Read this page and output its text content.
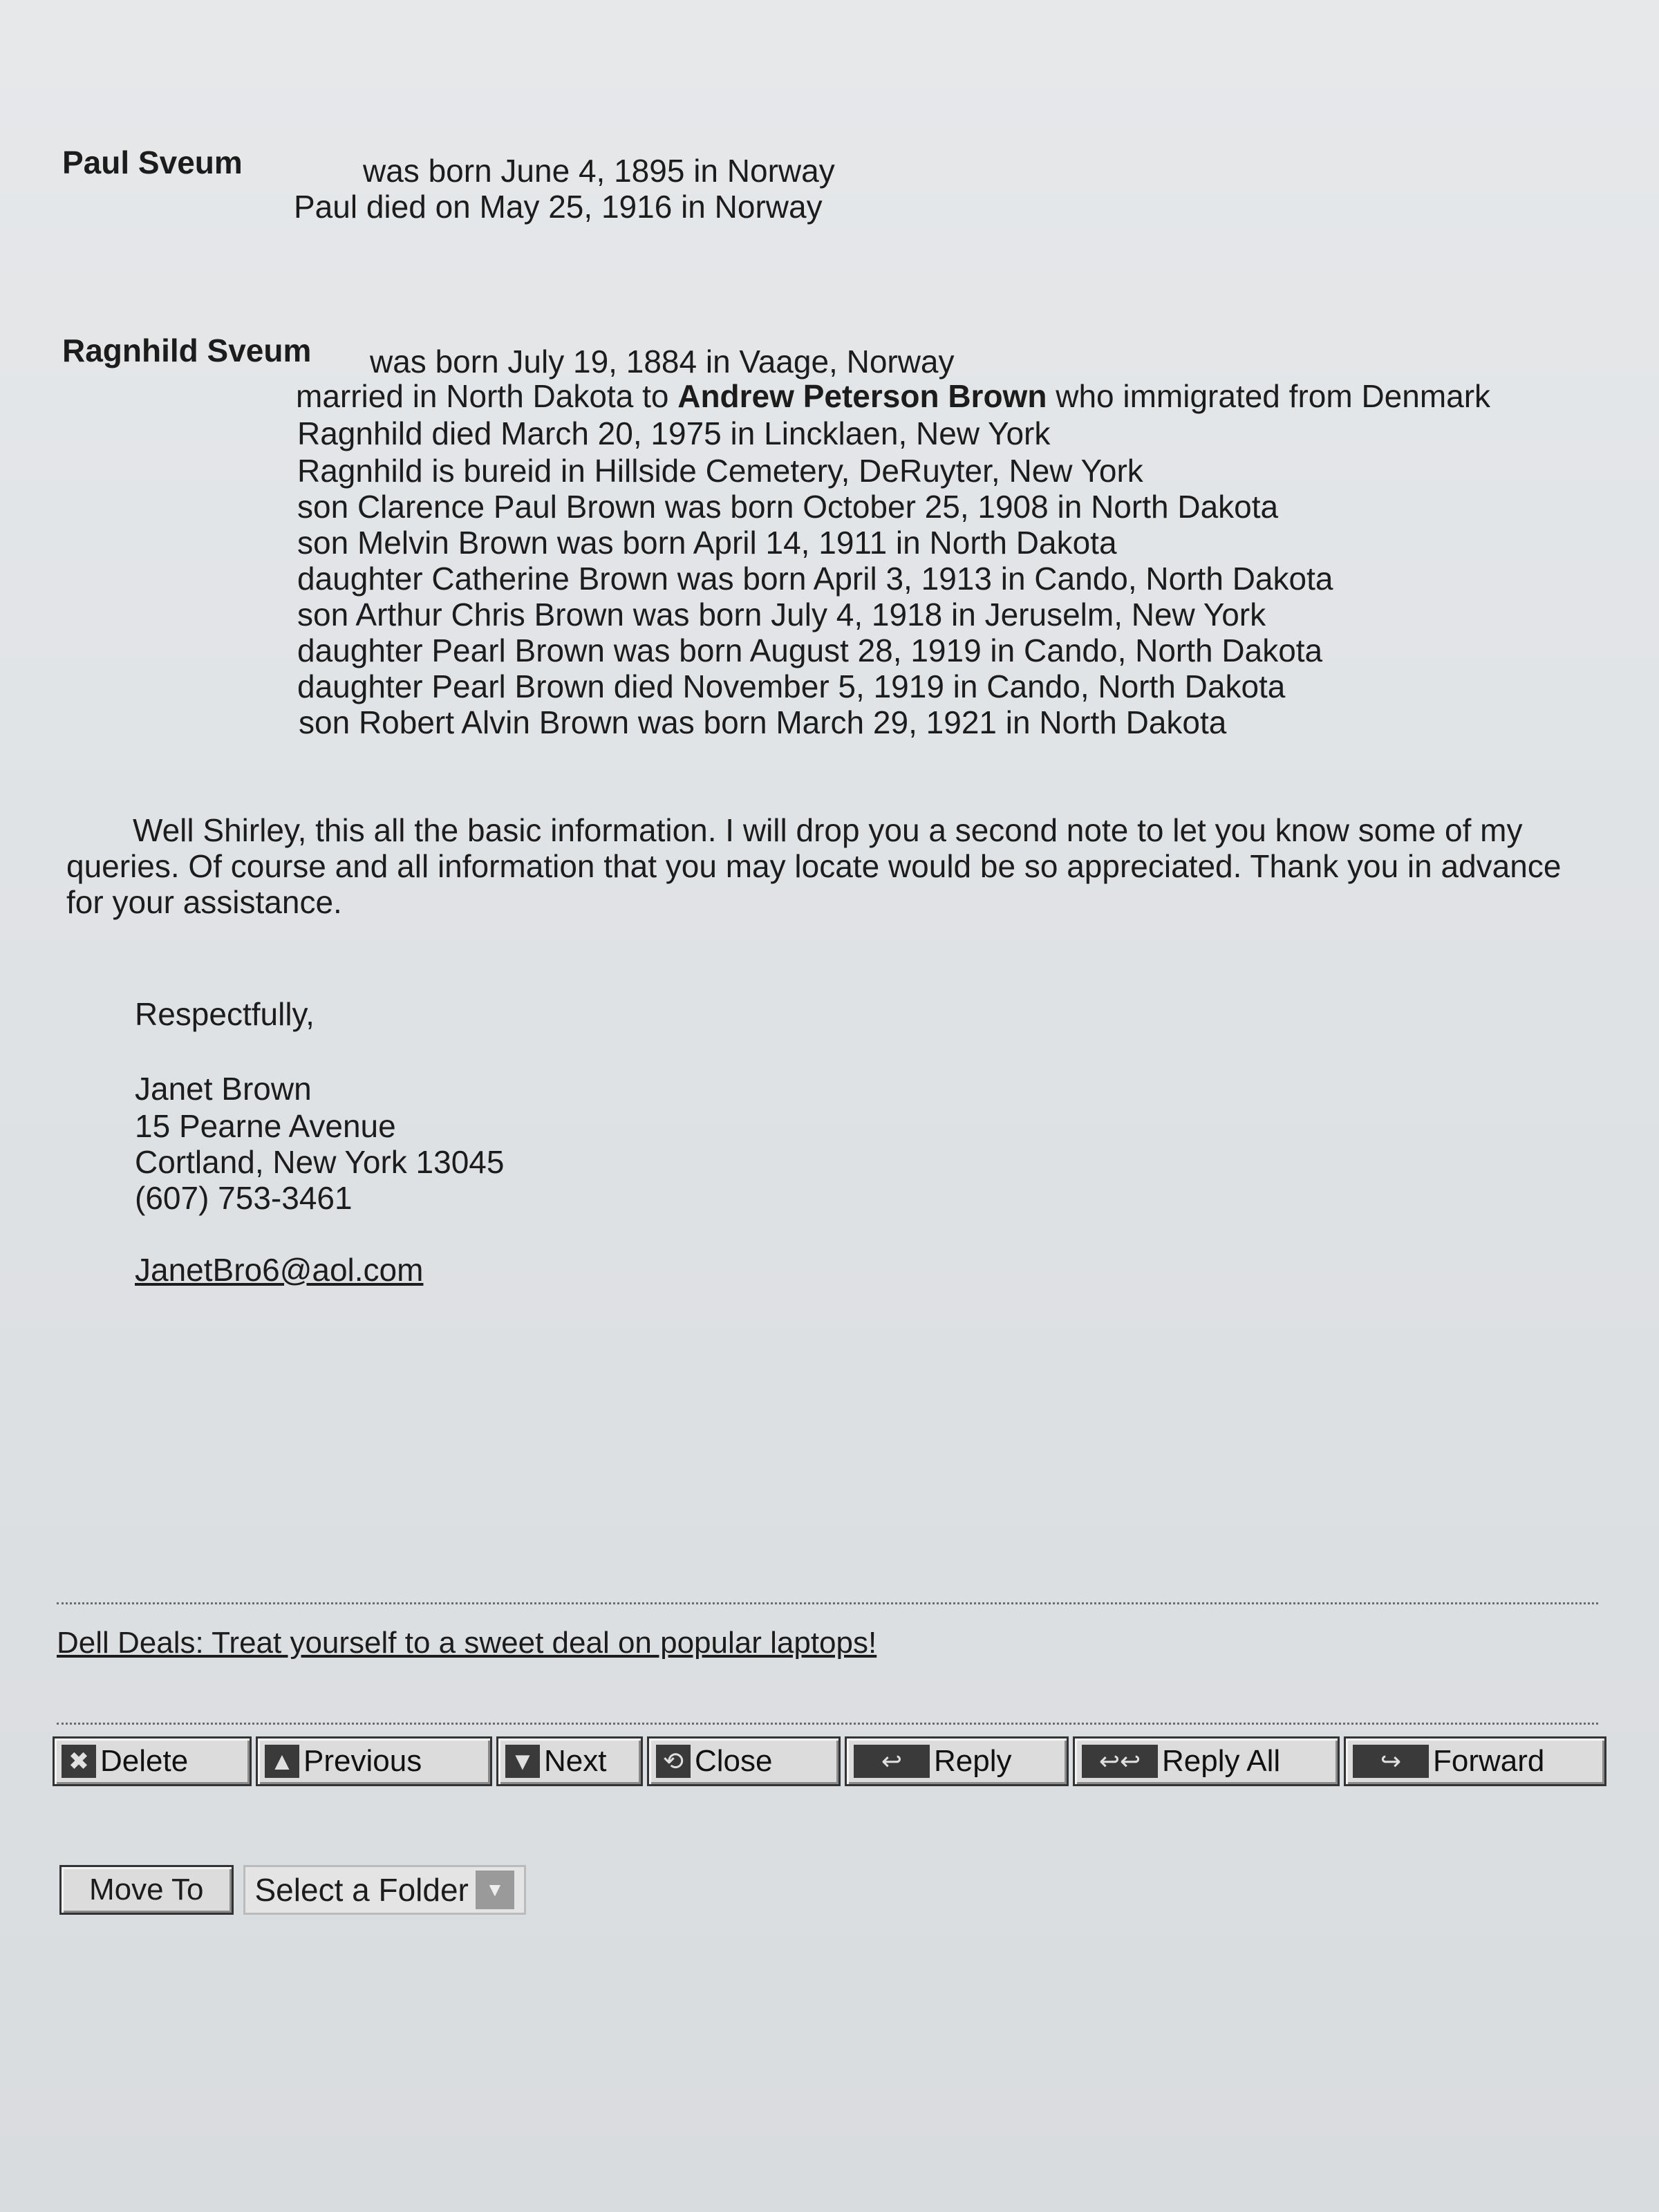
Paul Sveum	was born June 4, 1895 in Norway
Paul died on May 25, 1916 in Norway
Ragnhild Sveum was born July 19, 1884 in Vaage, Norway
married in North Dakota to Andrew Peterson Brown who immigrated from Denmark
Ragnhild died March 20, 1975 in Lincklaen, New York
Ragnhild is bureid in Hillside Cemetery, DeRuyter, New York
son Clarence Paul Brown was born October 25, 1908 in North Dakota
son Melvin Brown was born April 14, 1911 in North Dakota
daughter Catherine Brown was born April 3, 1913 in Cando, North Dakota
son Arthur Chris Brown was born July 4, 1918 in Jeruselm, New York
daughter Pearl Brown was born August 28, 1919 in Cando, North Dakota
daughter Pearl Brown died November 5, 1919 in Cando, North Dakota
son Robert Alvin Brown was born March 29, 1921 in North Dakota
Well Shirley, this all the basic information. I will drop you a second note to let you know some of my queries. Of course and all information that you may locate would be so appreciated. Thank you in advance for your assistance.
Respectfully,
Janet Brown
15 Pearne Avenue
Cortland, New York 13045
(607) 753-3461
JanetBro6@aol.com
Dell Deals: Treat yourself to a sweet deal on popular laptops!
✖ Delete	▲ Previous	▼ Next ⟲ Close	↩	Reply	↩↩ Reply All	↪	Forward
Move To	Select a Folder ▼
